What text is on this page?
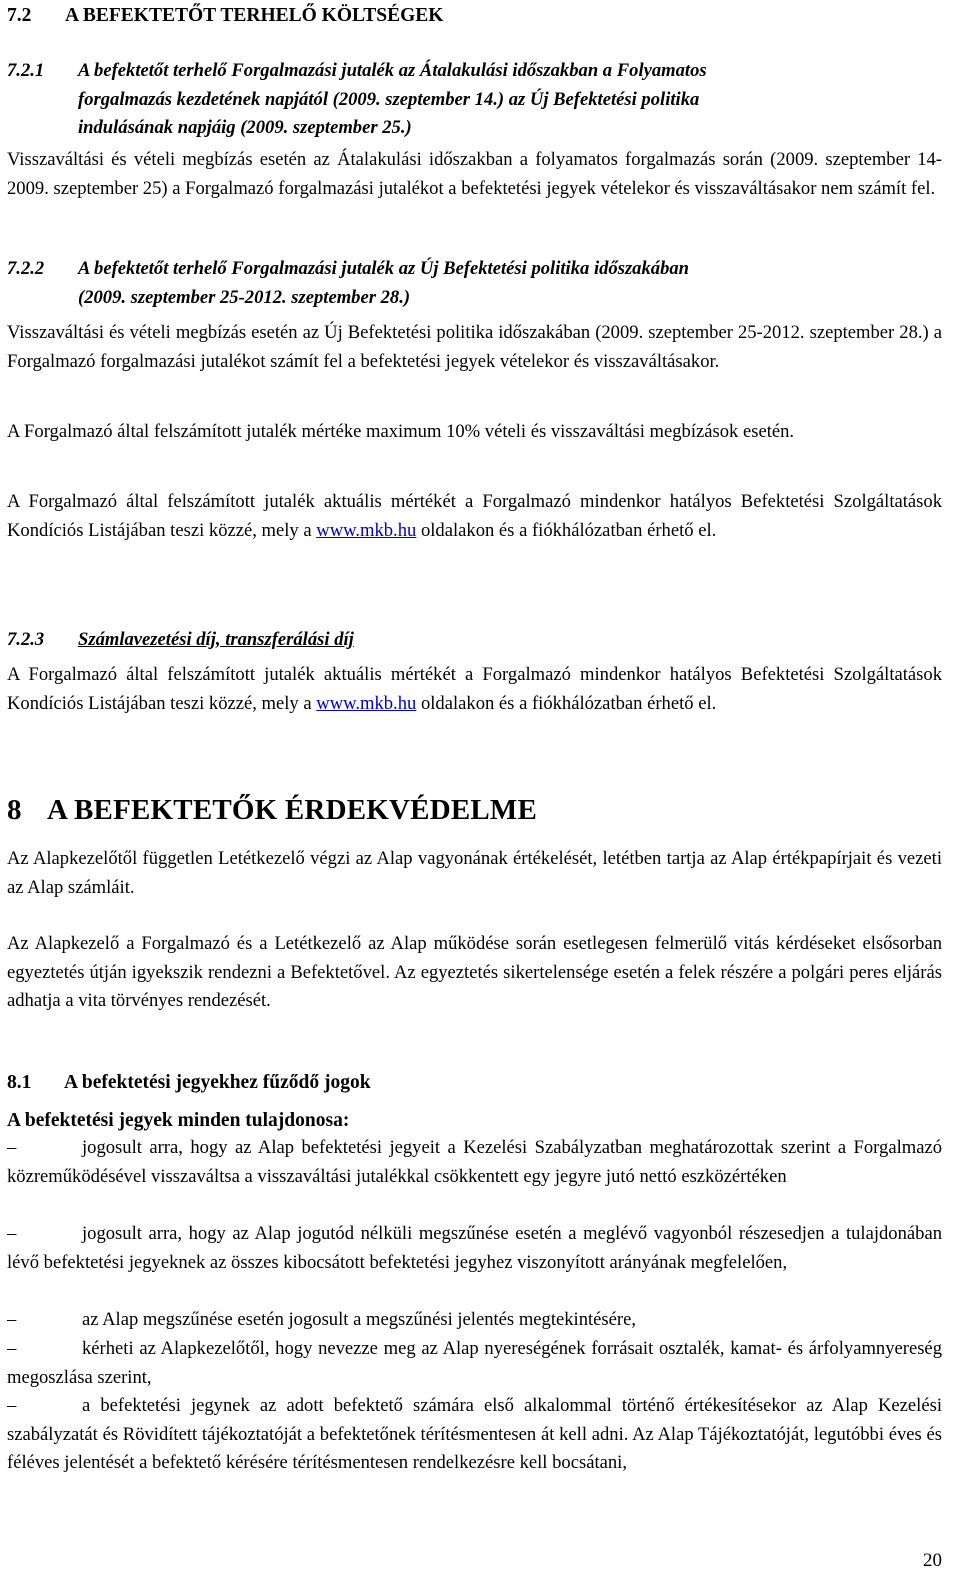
7.2 A BEFEKTETŐT TERHELŐ KÖLTSÉGEK
7.2.1 A befektetőt terhelő Forgalmazási jutalék az Átalakulási időszakban a Folyamatos
forgalmazás kezdetének napjától (2009. szeptember 14.) az Új Befektetési politika
indulásának napjáig (2009. szeptember 25.)

Visszaváltási és vételi megbízás esetén az Átalakulási időszakban a folyamatos forgalmazás során (2009. szeptember 14-2009. szeptember 25) a Forgalmazó forgalmazási jutalékot a befektetési jegyek vételekor és visszaváltásakor nem számít fel.

7.2.2 A befektetőt terhelő Forgalmazási jutalék az Új Befektetési politika időszakában
(2009. szeptember 25-2012. szeptember 28.)

Visszaváltási és vételi megbízás esetén az Új Befektetési politika időszakában (2009. szeptember 25-2012. szeptember 28.) a Forgalmazó forgalmazási jutalékot számít fel a befektetési jegyek vételekor és visszaváltásakor.

A Forgalmazó által felszámított jutalék mértéke maximum 10% vételi és visszaváltási megbízások esetén.

A Forgalmazó által felszámított jutalék aktuális mértékét a Forgalmazó mindenkor hatályos Befektetési Szolgáltatások Kondíciós Listájában teszi közzé, mely a www.mkb.hu oldalakon és a fiókhálózatban érhető el.

7.2.3 Számlavezetési díj, transzferálási díj

A Forgalmazó által felszámított jutalék aktuális mértékét a Forgalmazó mindenkor hatályos Befektetési Szolgáltatások Kondíciós Listájában teszi közzé, mely a www.mkb.hu oldalakon és a fiókhálózatban érhető el.

8 A BEFEKTETŐK ÉRDEKVÉDELME

Az Alapkezelőtől független Letétkezelő végzi az Alap vagyonának értékelését, letétben tartja az Alap értékpapírjait és vezeti az Alap számláit.

Az Alapkezelő a Forgalmazó és a Letétkezelő az Alap működése során esetlegesen felmerülő vitás kérdéseket elsősorban egyeztetés útján igyekszik rendezni a Befektetővel. Az egyeztetés sikertelensége esetén a felek részére a polgári peres eljárás adhatja a vita törvényes rendezését.

8.1 A befektetési jegyekhez fűződő jogok
A befektetési jegyek minden tulajdonosa:

–	jogosult arra, hogy az Alap befektetési jegyeit a Kezelési Szabályzatban meghatározottak szerint a Forgalmazó közreműködésével visszaváltsa a visszaváltási jutalékkal csökkentett egy jegyre jutó nettó eszközértéken

–	jogosult arra, hogy az Alap jogutód nélküli megszűnése esetén a meglévő vagyonból részesedjen a tulajdonában lévő befektetési jegyeknek az összes kibocsátott befektetési jegyhez viszonyított arányának megfelelően,

–	az Alap megszűnése esetén jogosult a megszűnési jelentés megtekintésére,

–	kérheti az Alapkezelőtől, hogy nevezze meg az Alap nyereségének forrásait osztalék, kamat- és árfolyamnyereség megoszlása szerint,

–	a befektetési jegynek az adott befektető számára első alkalommal történő értékesítésekor az Alap Kezelési szabályzatát és Rövidített tájékoztatóját a befektetőnek térítésmentesen át kell adni. Az Alap Tájékoztatóját, legutóbbi éves és féléves jelentését a befektető kérésére térítésmentesen rendelkezésre kell bocsátani,

20
